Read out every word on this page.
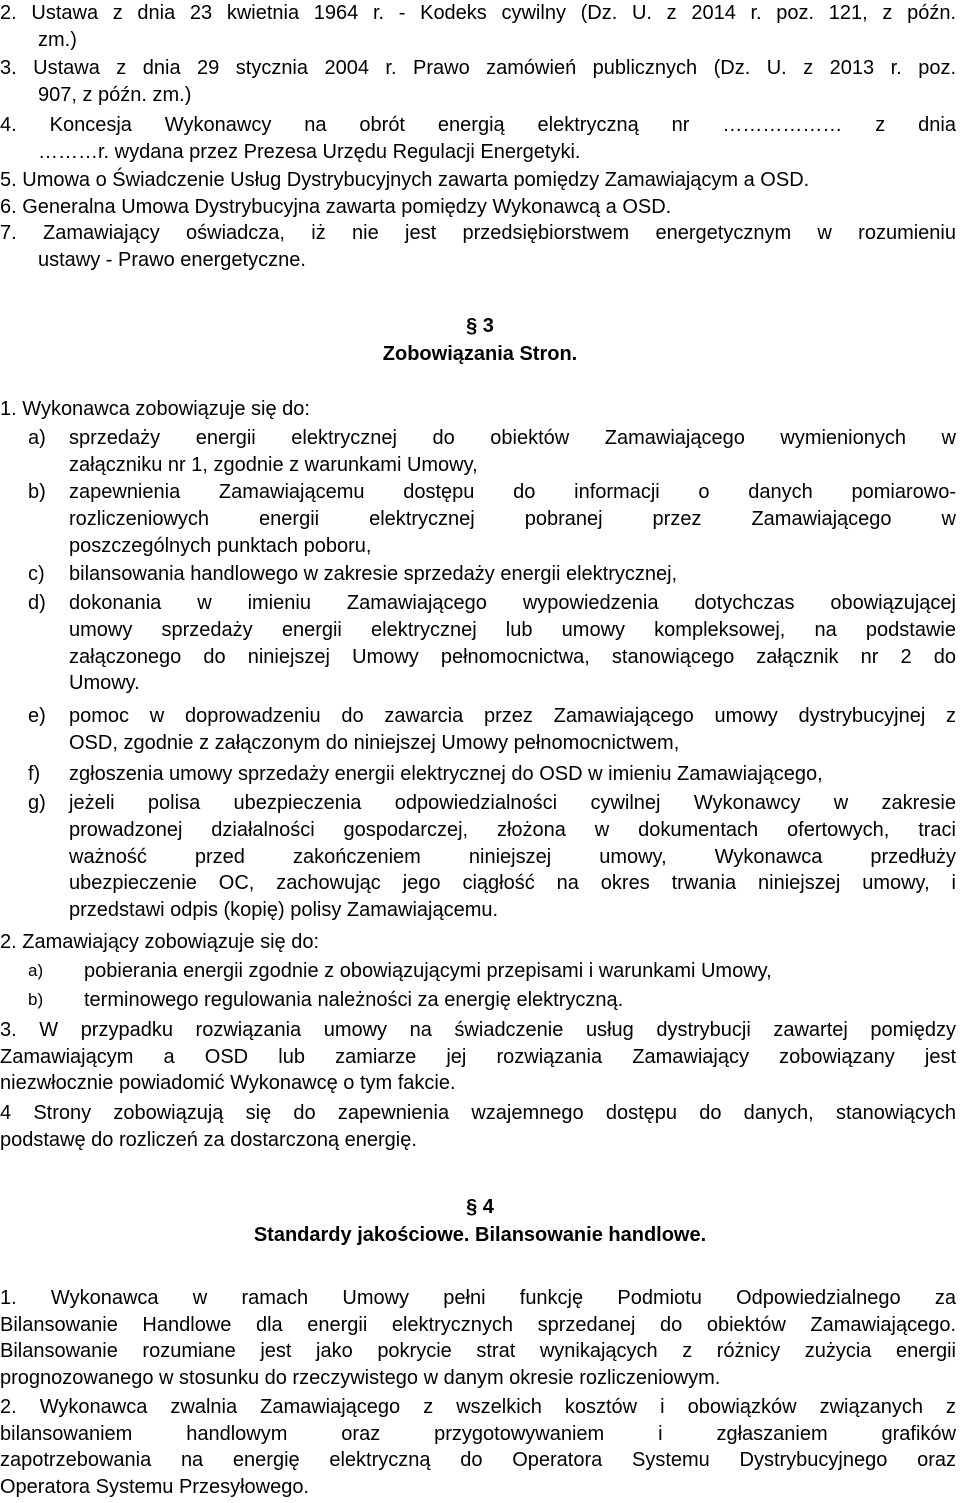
2. Ustawa z dnia 23 kwietnia 1964 r. - Kodeks cywilny (Dz. U. z 2014 r. poz. 121, z późn.

zm.)

3. Ustawa z dnia 29 stycznia 2004 r. Prawo zamówień publicznych (Dz. U. z 2013 r. poz.

907, z późn. zm.)

4. Koncesja Wykonawcy na obrót energią elektryczną nr ……………… z dnia

………r. wydana przez Prezesa Urzędu Regulacji Energetyki.

5. Umowa o Świadczenie Usług Dystrybucyjnych zawarta pomiędzy Zamawiającym a OSD.

6. Generalna Umowa Dystrybucyjna zawarta pomiędzy Wykonawcą a OSD.

7. Zamawiający oświadcza, iż nie jest przedsiębiorstwem energetycznym w rozumieniu

ustawy - Prawo energetyczne.

§ 3
Zobowiązania Stron.

1. Wykonawca zobowiązuje się do:

a) sprzedaży energii elektrycznej do obiektów Zamawiającego wymienionych w

załączniku nr 1, zgodnie z warunkami Umowy,

b) zapewnienia Zamawiającemu dostępu do informacji o danych pomiarowo-

rozliczeniowych energii elektrycznej pobranej przez Zamawiającego w

poszczególnych punktach poboru,

c) bilansowania handlowego w zakresie sprzedaży energii elektrycznej,

d) dokonania w imieniu Zamawiającego wypowiedzenia dotychczas obowiązującej

umowy sprzedaży energii elektrycznej lub umowy kompleksowej, na podstawie

załączonego do niniejszej Umowy pełnomocnictwa, stanowiącego załącznik nr 2 do

Umowy.

e) pomoc w doprowadzeniu do zawarcia przez Zamawiającego umowy dystrybucyjnej z

OSD, zgodnie z załączonym do niniejszej Umowy pełnomocnictwem,

f) zgłoszenia umowy sprzedaży energii elektrycznej do OSD w imieniu Zamawiającego,

g) jeżeli polisa ubezpieczenia odpowiedzialności cywilnej Wykonawcy w zakresie

prowadzonej działalności gospodarczej, złożona w dokumentach ofertowych, traci

ważność przed zakończeniem niniejszej umowy, Wykonawca przedłuży

ubezpieczenie OC, zachowując jego ciągłość na okres trwania niniejszej umowy, i

przedstawi odpis (kopię) polisy Zamawiającemu.

2. Zamawiający zobowiązuje się do:

a) pobierania energii zgodnie z obowiązującymi przepisami i warunkami Umowy,

b) terminowego regulowania należności za energię elektryczną.

3. W przypadku rozwiązania umowy na świadczenie usług dystrybucji zawartej pomiędzy

Zamawiającym a OSD lub zamiarze jej rozwiązania Zamawiający zobowiązany jest

niezwłocznie powiadomić Wykonawcę o tym fakcie.

4 Strony zobowiązują się do zapewnienia wzajemnego dostępu do danych, stanowiących

podstawę do rozliczeń za dostarczoną energię.

§ 4
Standardy jakościowe. Bilansowanie handlowe.

1. Wykonawca w ramach Umowy pełni funkcję Podmiotu Odpowiedzialnego za

Bilansowanie Handlowe dla energii elektrycznych sprzedanej do obiektów Zamawiającego.

Bilansowanie rozumiane jest jako pokrycie strat wynikających z różnicy zużycia energii

prognozowanego w stosunku do rzeczywistego w danym okresie rozliczeniowym.

2. Wykonawca zwalnia Zamawiającego z wszelkich kosztów i obowiązków związanych z

bilansowaniem handlowym oraz przygotowywaniem i zgłaszaniem grafików

zapotrzebowania na energię elektryczną do Operatora Systemu Dystrybucyjnego oraz

Operatora Systemu Przesyłowego.
